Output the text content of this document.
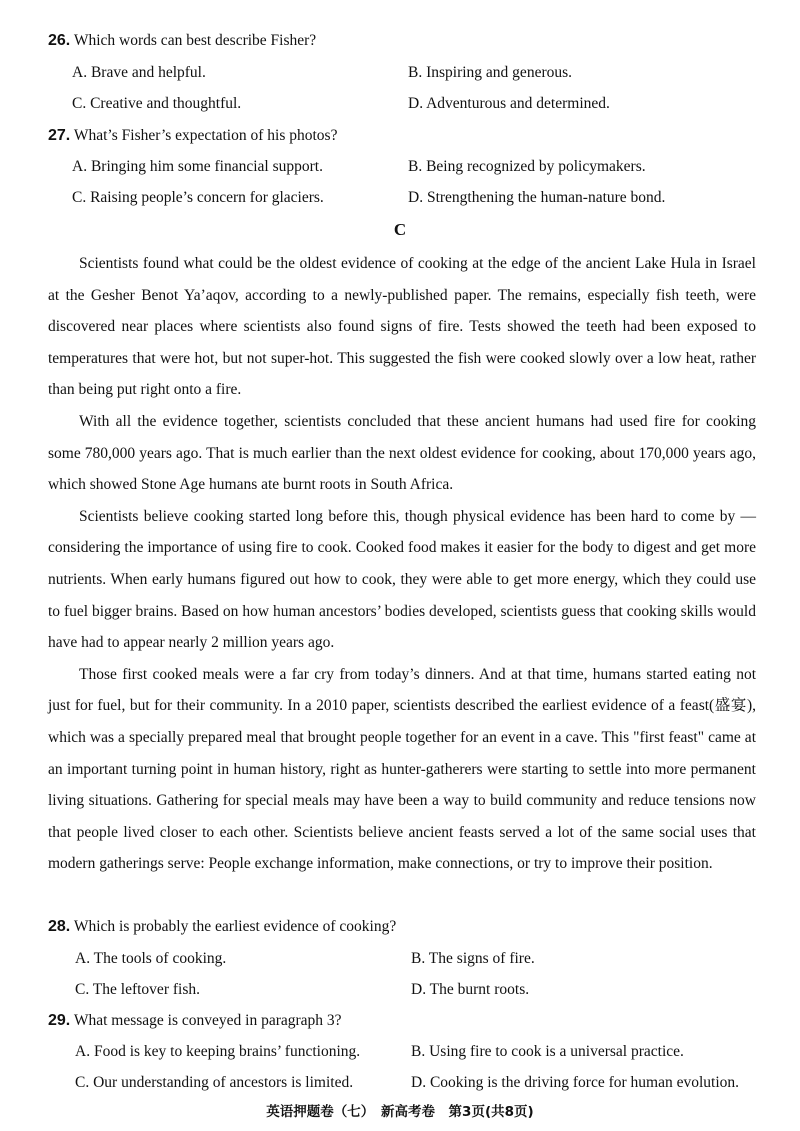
26. Which words can best describe Fisher?
A. Brave and helpful.	B. Inspiring and generous.
C. Creative and thoughtful.	D. Adventurous and determined.
27. What’s Fisher’s expectation of his photos?
A. Bringing him some financial support.	B. Being recognized by policymakers.
C. Raising people’s concern for glaciers.	D. Strengthening the human-nature bond.
C

Scientists found what could be the oldest evidence of cooking at the edge of the ancient Lake Hula in Israel at the Gesher Benot Ya’aqov, according to a newly-published paper. The remains, especially fish teeth, were discovered near places where scientists also found signs of fire. Tests showed the teeth had been exposed to temperatures that were hot, but not super-hot. This suggested the fish were cooked slowly over a low heat, rather than being put right onto a fire.

With all the evidence together, scientists concluded that these ancient humans had used fire for cooking some 780,000 years ago. That is much earlier than the next oldest evidence for cooking, about 170,000 years ago, which showed Stone Age humans ate burnt roots in South Africa.

Scientists believe cooking started long before this, though physical evidence has been hard to come by — considering the importance of using fire to cook. Cooked food makes it easier for the body to digest and get more nutrients. When early humans figured out how to cook, they were able to get more energy, which they could use to fuel bigger brains. Based on how human ancestors’ bodies developed, scientists guess that cooking skills would have had to appear nearly 2 million years ago.

Those first cooked meals were a far cry from today’s dinners. And at that time, humans started eating not just for fuel, but for their community. In a 2010 paper, scientists described the earliest evidence of a feast(盛宴), which was a specially prepared meal that brought people together for an event in a cave. This "first feast" came at an important turning point in human history, right as hunter-gatherers were starting to settle into more permanent living situations. Gathering for special meals may have been a way to build community and reduce tensions now that people lived closer to each other. Scientists believe ancient feasts served a lot of the same social uses that modern gatherings serve: People exchange information, make connections, or try to improve their position.

28. Which is probably the earliest evidence of cooking?
A. The tools of cooking.	B. The signs of fire.
C. The leftover fish.	D. The burnt roots.
29. What message is conveyed in paragraph 3?
A. Food is key to keeping brains’ functioning.	B. Using fire to cook is a universal practice.
C. Our understanding of ancestors is limited.	D. Cooking is the driving force for human evolution.
英语押题卷（七）　新高考卷　第3页(共8页)
